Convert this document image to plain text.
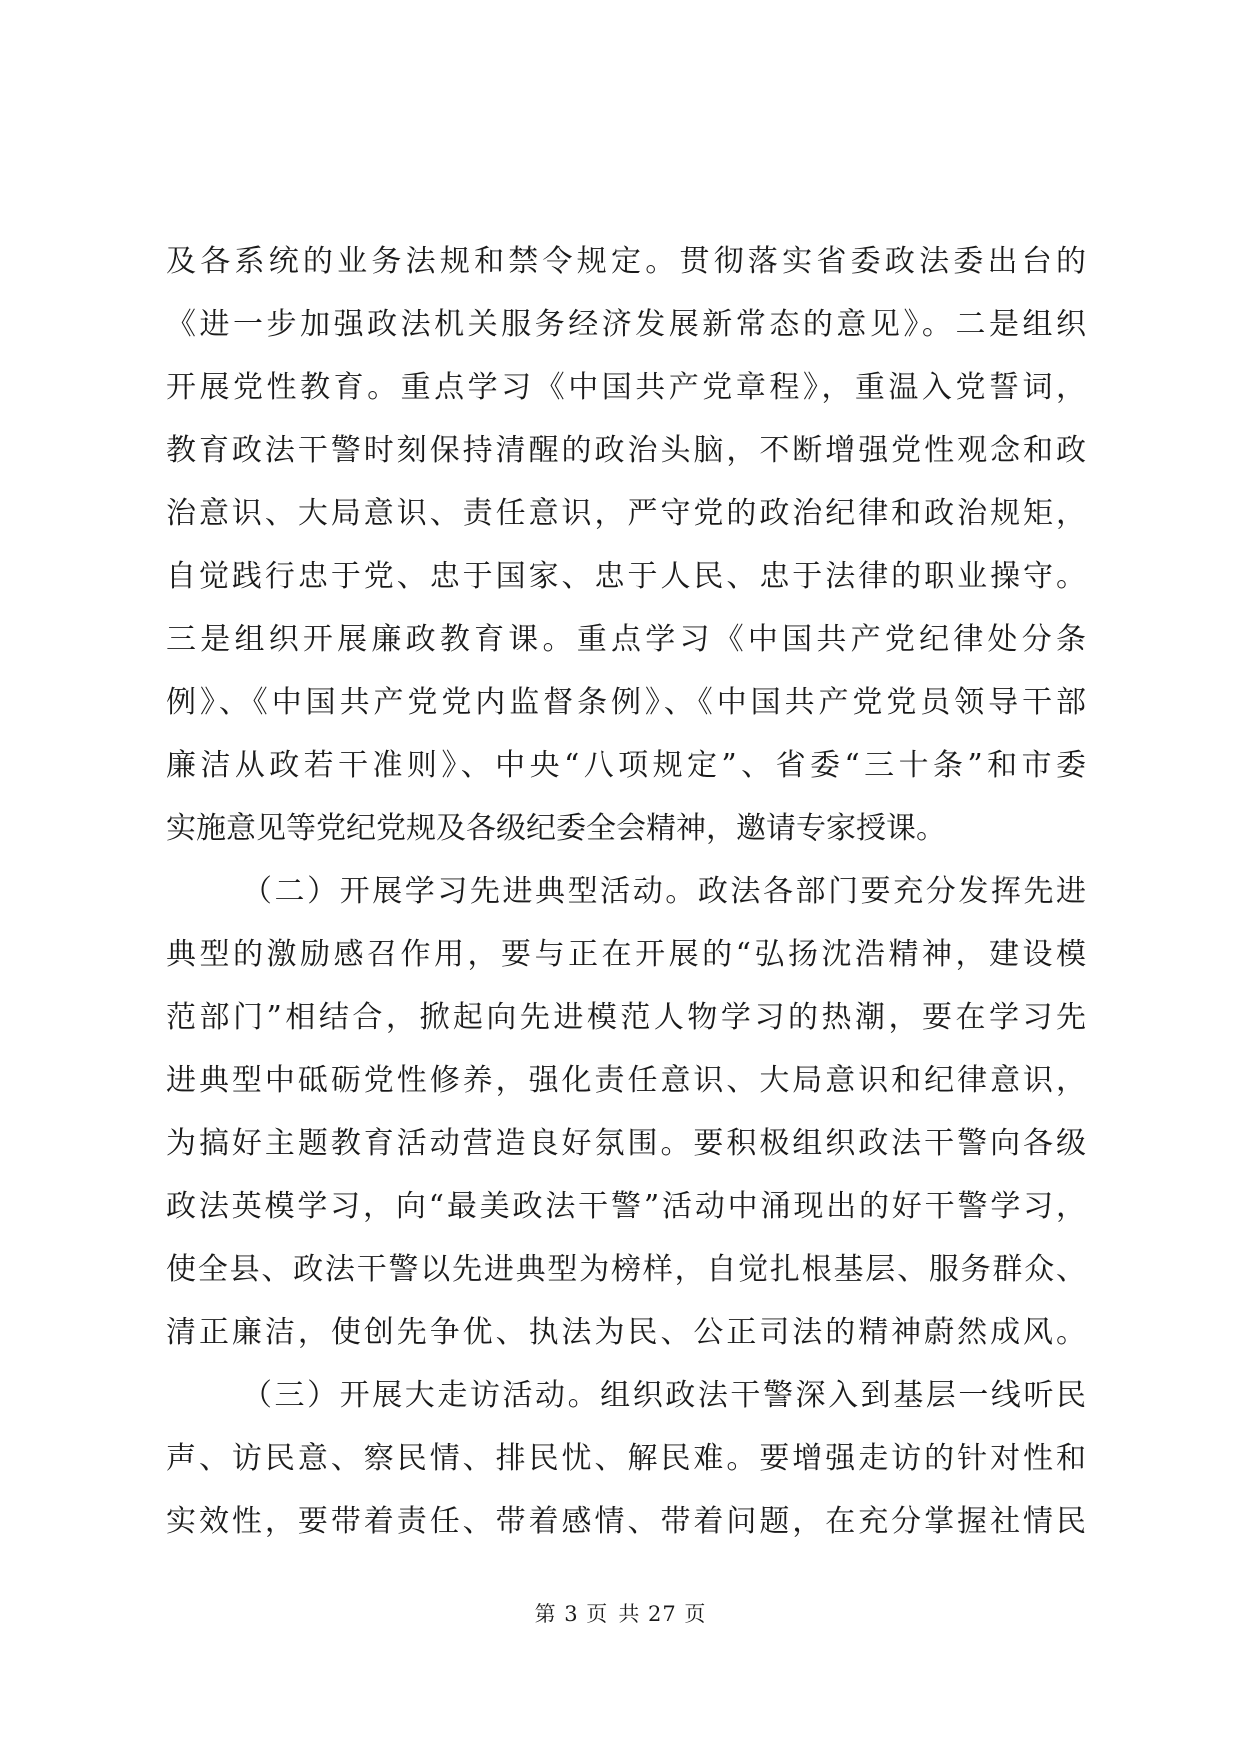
及各系统的业务法规和禁令规定。贯彻落实省委政法委出台的
《进一步加强政法机关服务经济发展新常态的意见》。二是组织
开展党性教育。重点学习《中国共产党章程》，重温入党誓词，
教育政法干警时刻保持清醒的政治头脑，不断增强党性观念和政
治意识、大局意识、责任意识，严守党的政治纪律和政治规矩，
自觉践行忠于党、忠于国家、忠于人民、忠于法律的职业操守。
三是组织开展廉政教育课。重点学习《中国共产党纪律处分条
例》、《中国共产党党内监督条例》、《中国共产党党员领导干部
廉洁从政若干准则》、中央“八项规定”、省委“三十条”和市委
实施意见等党纪党规及各级纪委全会精神，邀请专家授课。
（二）开展学习先进典型活动。政法各部门要充分发挥先进
典型的激励感召作用，要与正在开展的“弘扬沈浩精神，建设模
范部门”相结合，掀起向先进模范人物学习的热潮，要在学习先
进典型中砥砺党性修养，强化责任意识、大局意识和纪律意识，
为搞好主题教育活动营造良好氛围。要积极组织政法干警向各级
政法英模学习，向“最美政法干警”活动中涌现出的好干警学习，
使全县、政法干警以先进典型为榜样，自觉扎根基层、服务群众、
清正廉洁，使创先争优、执法为民、公正司法的精神蔚然成风。
（三）开展大走访活动。组织政法干警深入到基层一线听民
声、访民意、察民情、排民忧、解民难。要增强走访的针对性和
实效性，要带着责任、带着感情、带着问题，在充分掌握社情民
第 3 页 共 27 页
